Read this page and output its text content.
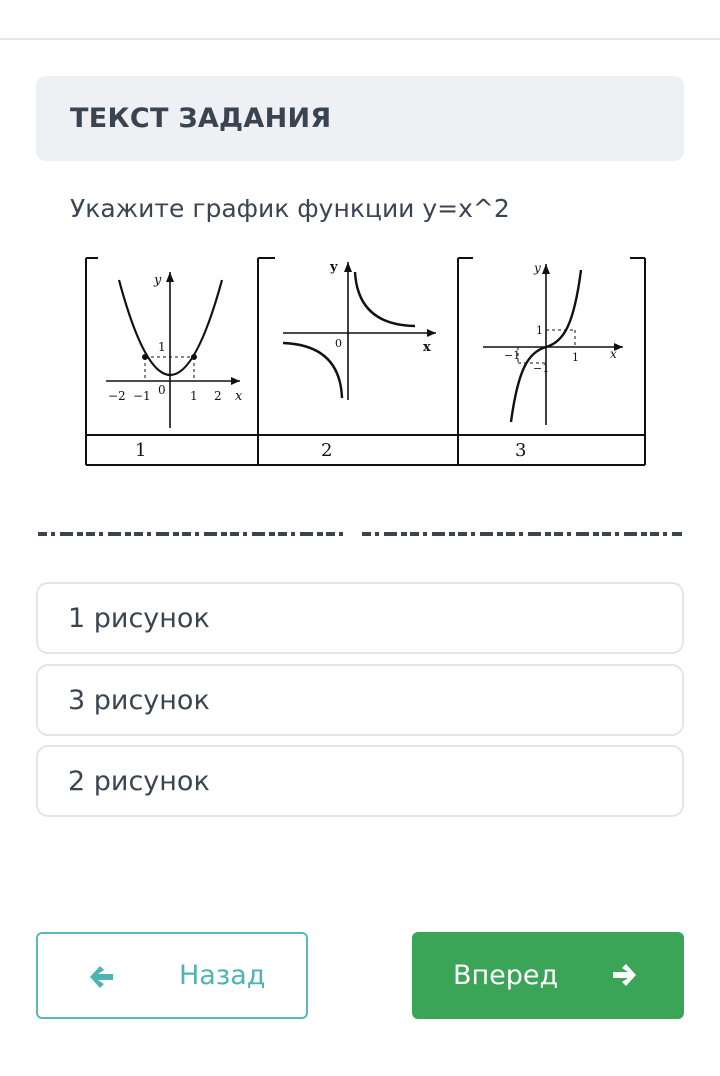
ТЕКСТ ЗАДАНИЯ
Укажите график функции у=х^2
y
x
1
−2 −1 0 1 2
y
x
0
y
x
−1	1
1
−1
1	2	3
1 рисунок
3 рисунок
2 рисунок
Назад	Вперед
